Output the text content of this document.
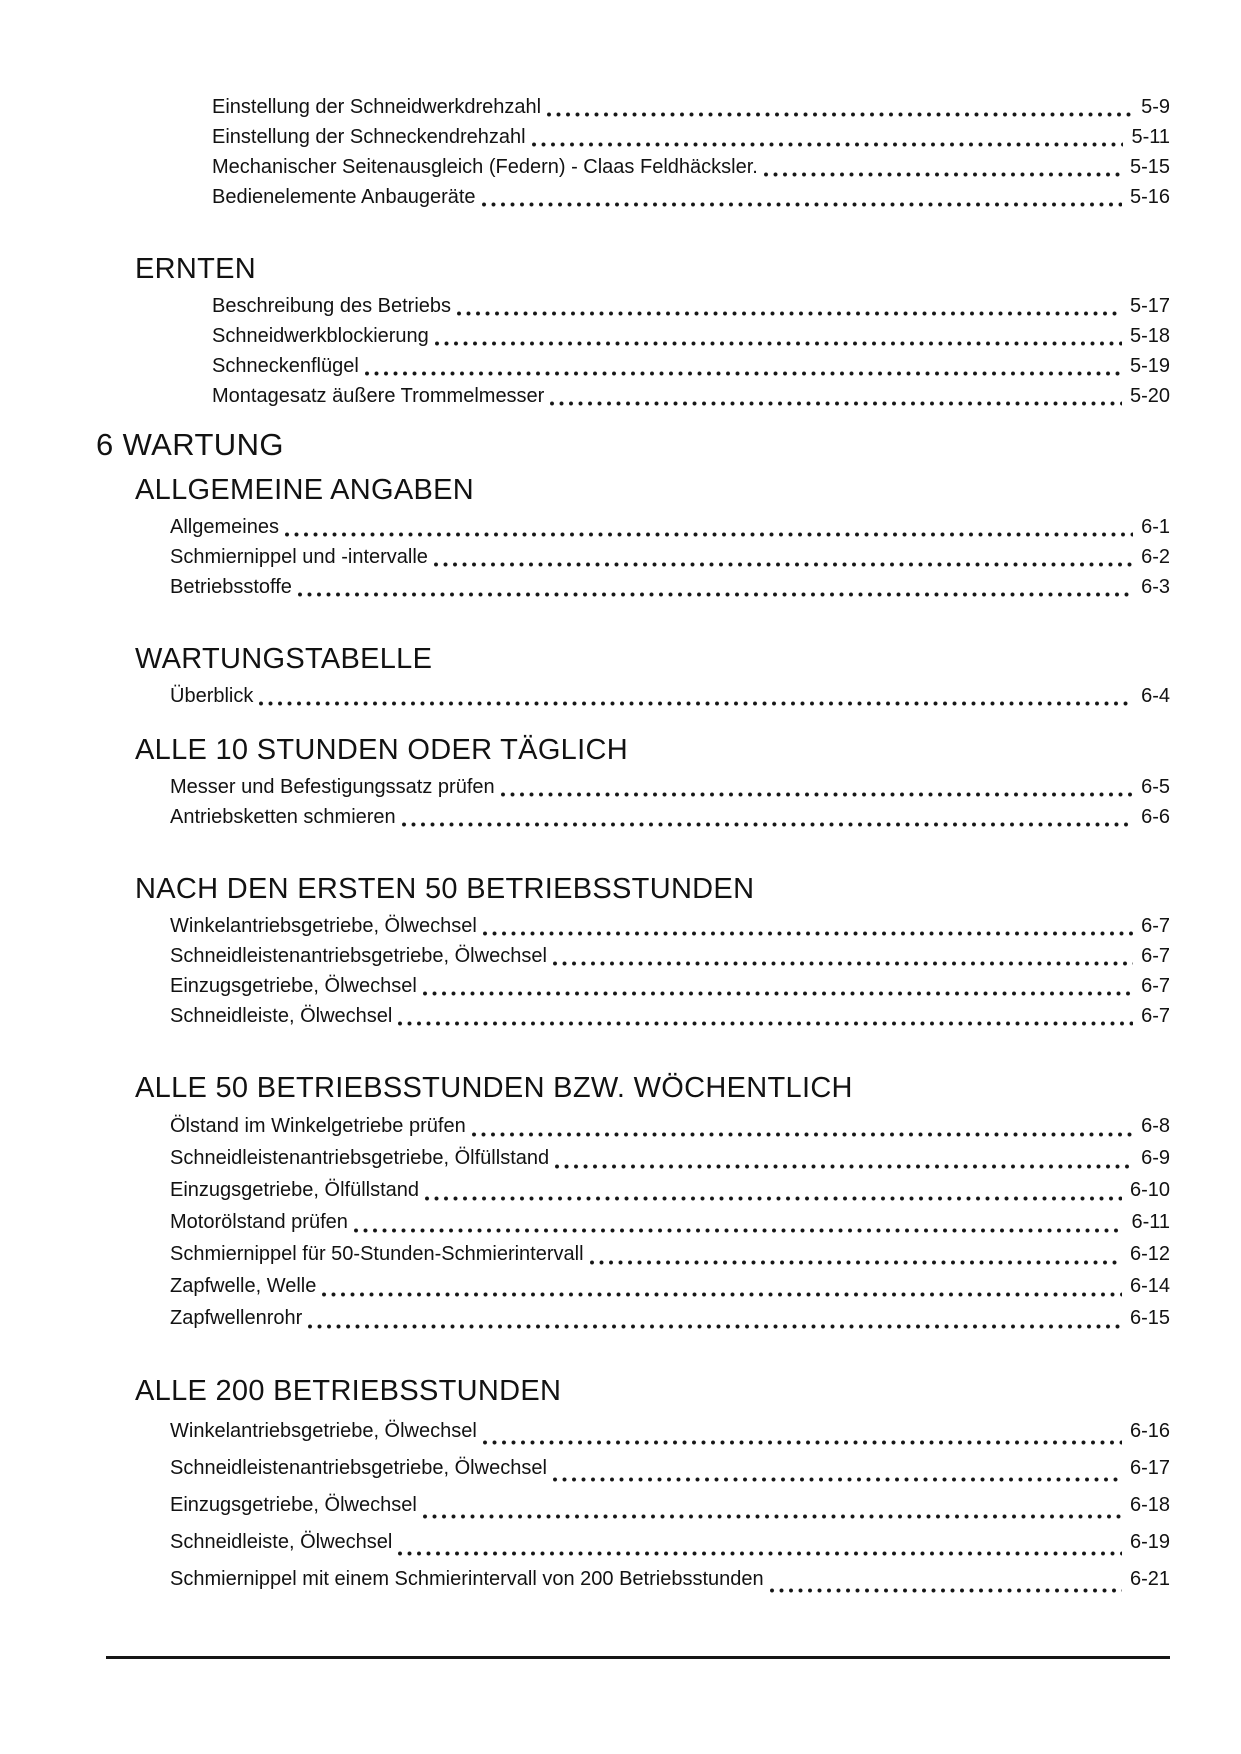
Einstellung der Schneidwerkdrehzahl	5-9
Einstellung der Schneckendrehzahl	5-11
Mechanischer Seitenausgleich (Federn) - Claas Feldhäcksler.	5-15
Bedienelemente Anbaugeräte	5-16
ERNTEN
Beschreibung des Betriebs	5-17
Schneidwerkblockierung	5-18
Schneckenflügel	5-19
Montagesatz äußere Trommelmesser	5-20
6 WARTUNG
ALLGEMEINE ANGABEN
Allgemeines	6-1
Schmiernippel und -intervalle	6-2
Betriebsstoffe	6-3
WARTUNGSTABELLE
Überblick	6-4
ALLE 10 STUNDEN ODER TÄGLICH
Messer und Befestigungssatz prüfen	6-5
Antriebsketten schmieren	6-6
NACH DEN ERSTEN 50 BETRIEBSSTUNDEN
Winkelantriebsgetriebe, Ölwechsel	6-7
Schneidleistenantriebsgetriebe, Ölwechsel	6-7
Einzugsgetriebe, Ölwechsel	6-7
Schneidleiste, Ölwechsel	6-7
ALLE 50 BETRIEBSSTUNDEN BZW. WÖCHENTLICH
Ölstand im Winkelgetriebe prüfen	6-8
Schneidleistenantriebsgetriebe, Ölfüllstand	6-9
Einzugsgetriebe, Ölfüllstand	6-10
Motorölstand prüfen	6-11
Schmiernippel für 50-Stunden-Schmierintervall	6-12
Zapfwelle, Welle	6-14
Zapfwellenrohr	6-15
ALLE 200 BETRIEBSSTUNDEN
Winkelantriebsgetriebe, Ölwechsel	6-16
Schneidleistenantriebsgetriebe, Ölwechsel	6-17
Einzugsgetriebe, Ölwechsel	6-18
Schneidleiste, Ölwechsel	6-19
Schmiernippel mit einem Schmierintervall von 200 Betriebsstunden	6-21
